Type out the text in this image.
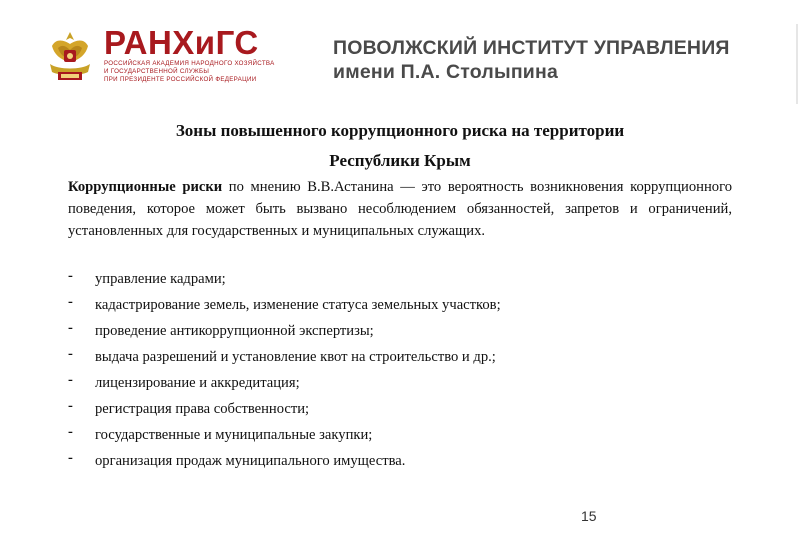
РАНХиГС
РОССИЙСКАЯ АКАДЕМИЯ НАРОДНОГО ХОЗЯЙСТВА
И ГОСУДАРСТВЕННОЙ СЛУЖБЫ
ПРИ ПРЕЗИДЕНТЕ РОССИЙСКОЙ ФЕДЕРАЦИИ
ПОВОЛЖСКИЙ ИНСТИТУТ УПРАВЛЕНИЯ
имени П.А. Столыпина
Зоны повышенного коррупционного риска на территории
Республики Крым
Коррупционные риски по мнению В.В.Астанина — это вероятность возникновения коррупционного поведения, которое может быть вызвано несоблюдением обязанностей, запретов и ограничений, установленных для государственных и муниципальных служащих.
- управление кадрами;
- кадастрирование земель, изменение статуса земельных участков;
- проведение антикоррупционной экспертизы;
- выдача разрешений и установление квот на строительство и др.;
- лицензирование и аккредитация;
- регистрация права собственности;
- государственные и муниципальные закупки;
- организация продаж муниципального имущества.
15
